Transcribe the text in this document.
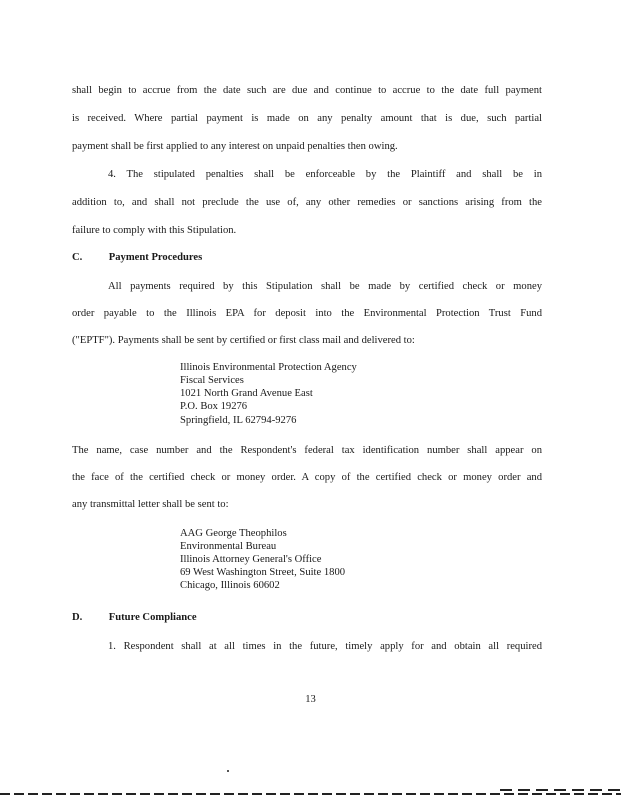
shall begin to accrue from the date such are due and continue to accrue to the date full payment
is received. Where partial payment is made on any penalty amount that is due, such partial
payment shall be first applied to any interest on unpaid penalties then owing.
4. The stipulated penalties shall be enforceable by the Plaintiff and shall be in
addition to, and shall not preclude the use of, any other remedies or sanctions arising from the
failure to comply with this Stipulation.
C.          Payment Procedures
All payments required by this Stipulation shall be made by certified check or money
order payable to the Illinois EPA for deposit into the Environmental Protection Trust Fund
("EPTF"). Payments shall be sent by certified or first class mail and delivered to:
Illinois Environmental Protection Agency
Fiscal Services
1021 North Grand Avenue East
P.O. Box 19276
Springfield, IL 62794-9276
The name, case number and the Respondent's federal tax identification number shall appear on
the face of the certified check or money order. A copy of the certified check or money order and
any transmittal letter shall be sent to:
AAG George Theophilos
Environmental Bureau
Illinois Attorney General's Office
69 West Washington Street, Suite 1800
Chicago, Illinois 60602
D.          Future Compliance
1. Respondent shall at all times in the future, timely apply for and obtain all required
13
